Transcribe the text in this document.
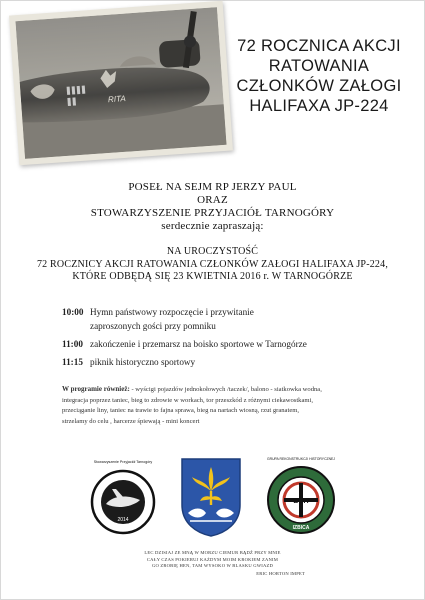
RITA
72 ROCZNICA AKCJI
RATOWANIA
CZŁONKÓW ZAŁOGI
HALIFAXA JP-224
POSEŁ NA SEJM RP JERZY PAUL
ORAZ
STOWARZYSZENIE PRZYJACIÓŁ TARNOGÓRY
serdecznie zapraszają:
NA UROCZYSTOŚĆ
72 ROCZNICY AKCJI RATOWANIA CZŁONKÓW ZAŁOGI HALIFAXA JP-224,
KTÓRE ODBĘDĄ SIĘ 23 KWIETNIA 2016 r. W TARNOGÓRZE
10:00 Hymn państwowy rozpoczęcie i przywitanie
zaproszonych gości przy pomniku
11:00 zakończenie i przemarsz na boisko sportowe w Tarnogórze
11:15 piknik historyczno sportowy
W programie również: - wyścigi pojazdów jednokołowych /taczek/, balono - siatkowka wodna,
integracja poprzez taniec, bieg to zdrowie w workach, tor przeszkód z różnymi ciekawostkami,
przeciąganie liny, taniec na trawie to fajna sprawa, bieg na nartach wiosną, rzut granatem,
strzelamy do celu , harcerze śpiewają - mini koncert
2014
Stowarzyszenie Przyjaciół Tarnogóry
BCH
IZBICA
GRUPA REKONSTRUKCJI HISTORYCZNEJ
LEC DZISIAJ ZE MNĄ W MORZU CIEMUR BĄDŹ PRZY MNIE
CAŁY CZAS POKIERUJ KAŻDYM MOIM KROKIEM ZANIM
GO ZROBIĘ HEN, TAM WYSOKO W BLASKU GWIAZD
ERIC HORTON IMPET
